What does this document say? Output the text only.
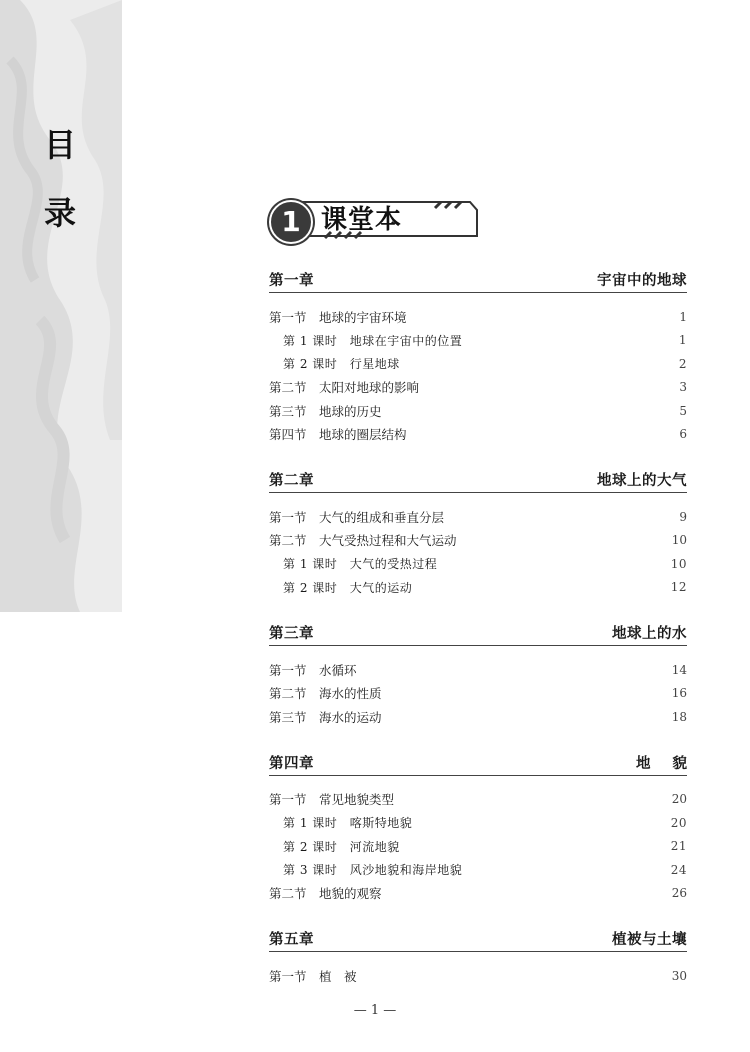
目
录	1 课堂本
第一章	宇宙中的地球
第一节　地球的宇宙环境	1
第 1 课时　地球在宇宙中的位置	1
第 2 课时　行星地球	2
第二节　太阳对地球的影响	3
第三节　地球的历史	5
第四节　地球的圈层结构	6
第二章	地球上的大气
第一节　大气的组成和垂直分层	9
第二节　大气受热过程和大气运动	10
第 1 课时　大气的受热过程	10
第 2 课时　大气的运动	12
第三章	地球上的水
第一节　水循环	14
第二节　海水的性质	16
第三节　海水的运动	18
第四章	地貌
第一节　常见地貌类型	20
第 1 课时　喀斯特地貌	20
第 2 课时　河流地貌	21
第 3 课时　风沙地貌和海岸地貌	24
第二节　地貌的观察	26
第五章	植被与土壤
第一节　植　被	30
— 1 —
